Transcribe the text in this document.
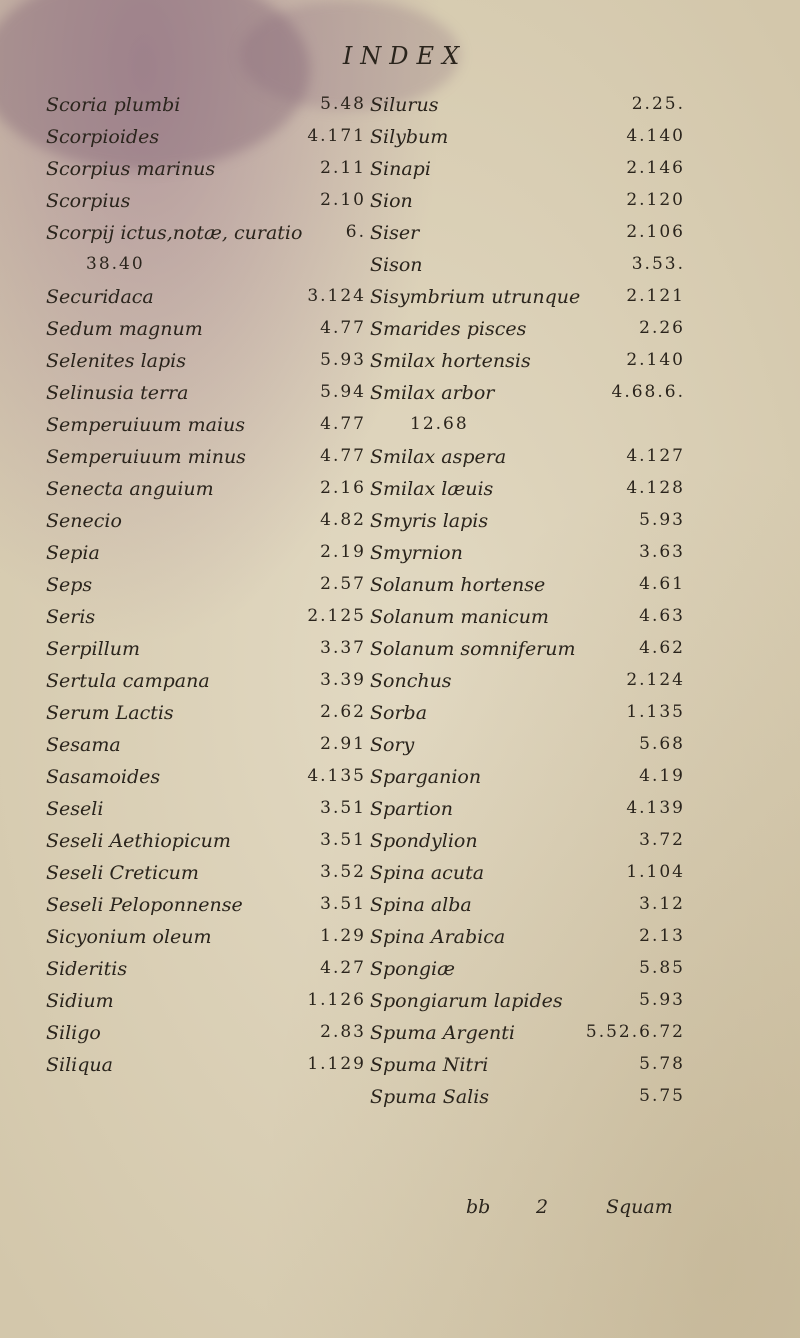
INDEX
Scoria plumbi	5.48
Scorpioides	4.171
Scorpius marinus	2.11
Scorpius	2.10
Scorpij ictus,notæ, curatio	6.
38.40
Securidaca	3.124
Sedum magnum	4.77
Selenites lapis	5.93
Selinusia terra	5.94
Semperuiuum maius	4.77
Semperuiuum minus	4.77
Senecta anguium	2.16
Senecio	4.82
Sepia	2.19
Seps	2.57
Seris	2.125
Serpillum	3.37
Sertula campana	3.39
Serum Lactis	2.62
Sesama	2.91
Sasamoides	4.135
Seseli	3.51
Seseli Aethiopicum	3.51
Seseli Creticum	3.52
Seseli Peloponnense	3.51
Sicyonium oleum	1.29
Sideritis	4.27
Sidium	1.126
Siligo	2.83
Siliqua	1.129
Silurus	2.25.
Silybum	4.140
Sinapi	2.146
Sion	2.120
Siser	2.106
Sison	3.53.
Sisymbrium utrunque	2.121
Smarides pisces	2.26
Smilax hortensis	2.140
Smilax arbor	4.68.6.
12.68
Smilax aspera	4.127
Smilax læuis	4.128
Smyris lapis	5.93
Smyrnion	3.63
Solanum hortense	4.61
Solanum manicum	4.63
Solanum somniferum	4.62
Sonchus	2.124
Sorba	1.135
Sory	5.68
Sparganion	4.19
Spartion	4.139
Spondylion	3.72
Spina acuta	1.104
Spina alba	3.12
Spina Arabica	2.13
Spongiæ	5.85
Spongiarum lapides	5.93
Spuma Argenti	5.52.6.72
Spuma Nitri	5.78
Spuma Salis	5.75
bb 2	Squam
